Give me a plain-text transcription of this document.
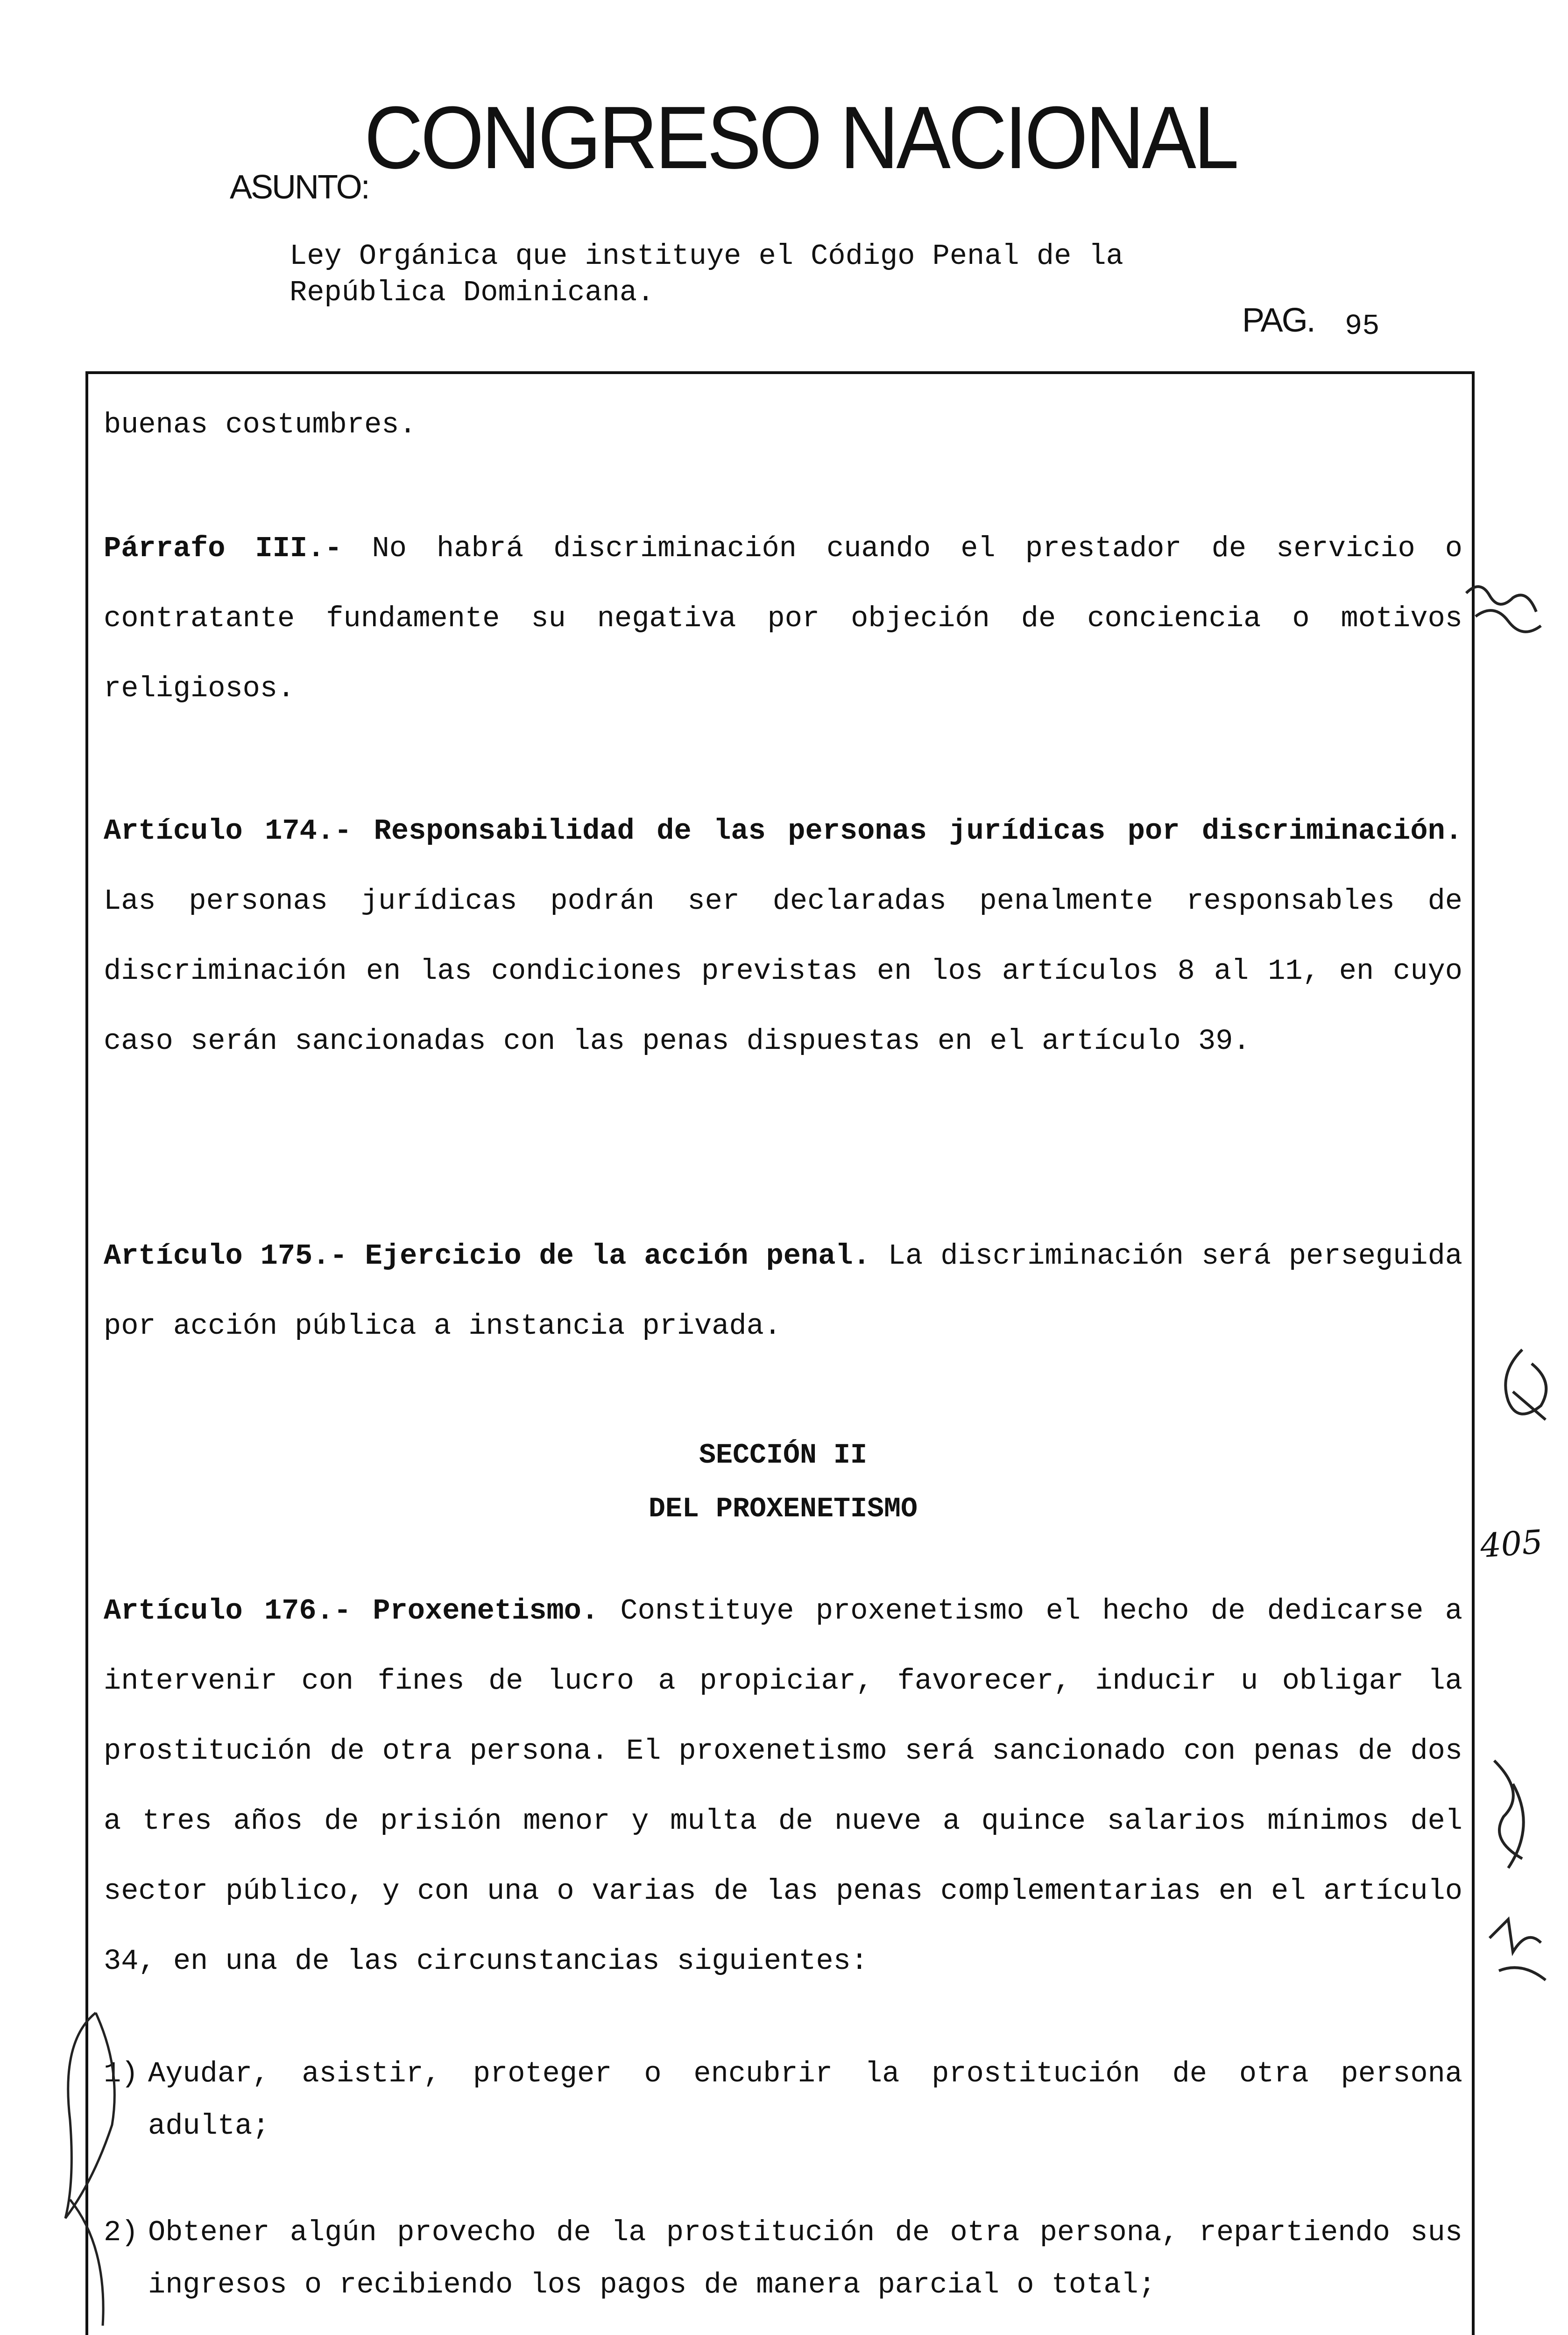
CONGRESO NACIONAL
ASUNTO:
Ley Orgánica que instituye el Código Penal de la
República Dominicana.
PAG. 95
buenas costumbres.
Párrafo III.- No habrá discriminación cuando el prestador de servicio o contratante fundamente su negativa por objeción de conciencia o motivos religiosos.
Artículo 174.- Responsabilidad de las personas jurídicas por discriminación. Las personas jurídicas podrán ser declaradas penalmente responsables de discriminación en las condiciones previstas en los artículos 8 al 11, en cuyo caso serán sancionadas con las penas dispuestas en el artículo 39.
Artículo 175.- Ejercicio de la acción penal. La discriminación será perseguida por acción pública a instancia privada.
SECCIÓN II
DEL PROXENETISMO
Artículo 176.- Proxenetismo. Constituye proxenetismo el hecho de dedicarse a intervenir con fines de lucro a propiciar, favorecer, inducir u obligar la prostitución de otra persona. El proxenetismo será sancionado con penas de dos a tres años de prisión menor y multa de nueve a quince salarios mínimos del sector público, y con una o varias de las penas complementarias en el artículo 34, en una de las circunstancias siguientes:
1) Ayudar, asistir, proteger o encubrir la prostitución de otra persona adulta;
2) Obtener algún provecho de la prostitución de otra persona, repartiendo sus ingresos o recibiendo los pagos de manera parcial o total;
405
